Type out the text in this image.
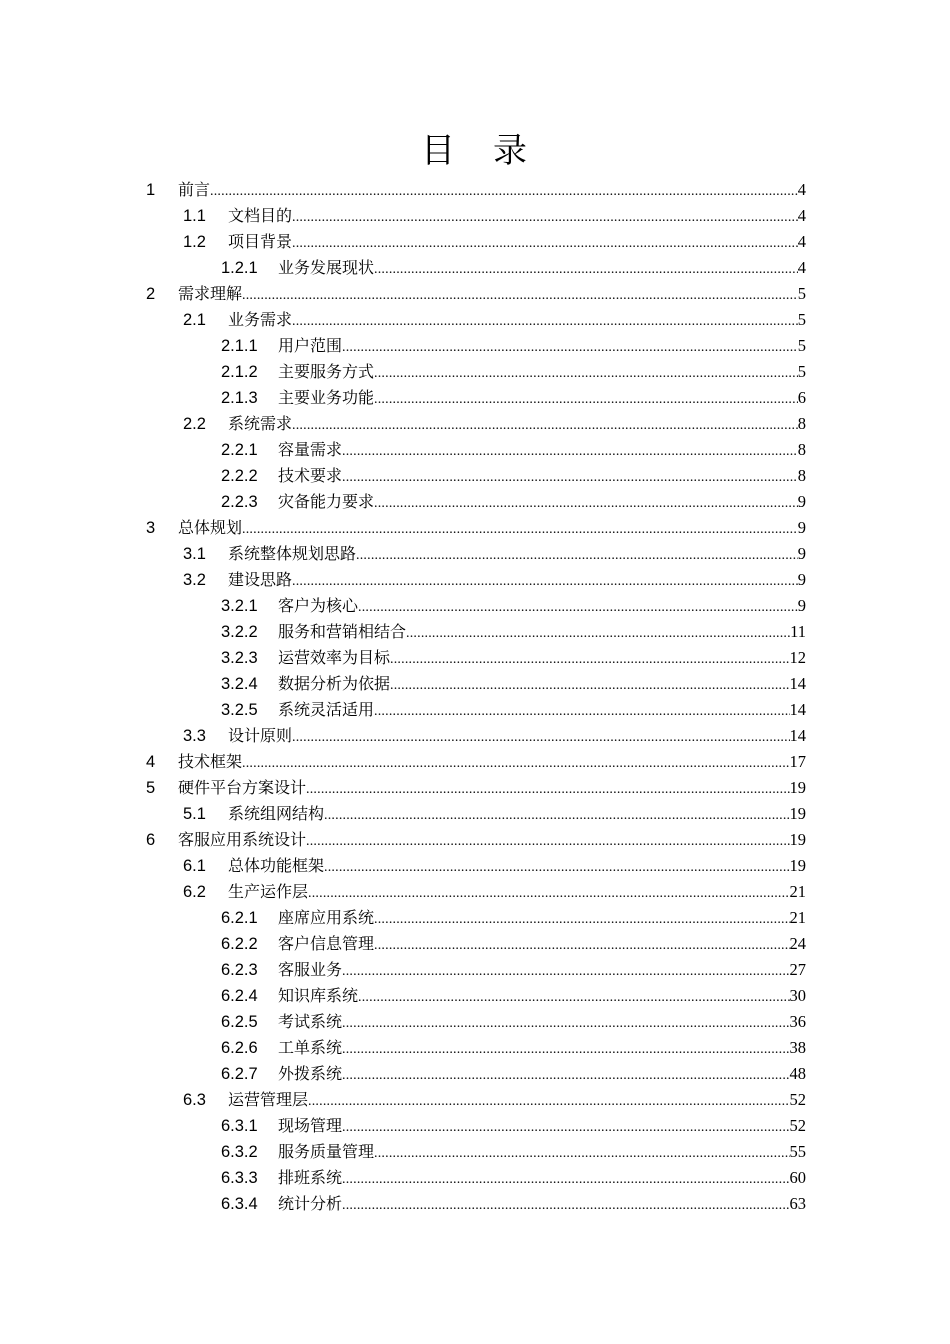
目　录
1 前言 .....	4
1.1 文档目的 .....	4
1.2 项目背景 .....	4
1.2.1 业务发展现状 .....	4
2 需求理解 .....	5
2.1 业务需求 .....	5
2.1.1 用户范围 .....	5
2.1.2 主要服务方式 .....	5
2.1.3 主要业务功能 .....	6
2.2 系统需求 .....	8
2.2.1 容量需求 .....	8
2.2.2 技术要求 .....	8
2.2.3 灾备能力要求 .....	9
3 总体规划 .....	9
3.1 系统整体规划思路 .....	9
3.2 建设思路 .....	9
3.2.1 客户为核心 .....	9
3.2.2 服务和营销相结合 .....	11
3.2.3 运营效率为目标 .....	12
3.2.4 数据分析为依据 .....	14
3.2.5 系统灵活适用 .....	14
3.3 设计原则 .....	14
4 技术框架 .....	17
5 硬件平台方案设计 .....	19
5.1 系统组网结构 .....	19
6 客服应用系统设计 .....	19
6.1 总体功能框架 .....	19
6.2 生产运作层 .....	21
6.2.1 座席应用系统 .....	21
6.2.2 客户信息管理 .....	24
6.2.3 客服业务 .....	27
6.2.4 知识库系统 .....	30
6.2.5 考试系统 .....	36
6.2.6 工单系统 .....	38
6.2.7 外拨系统 .....	48
6.3 运营管理层 .....	52
6.3.1 现场管理 .....	52
6.3.2 服务质量管理 .....	55
6.3.3 排班系统 .....	60
6.3.4 统计分析 .....	63
